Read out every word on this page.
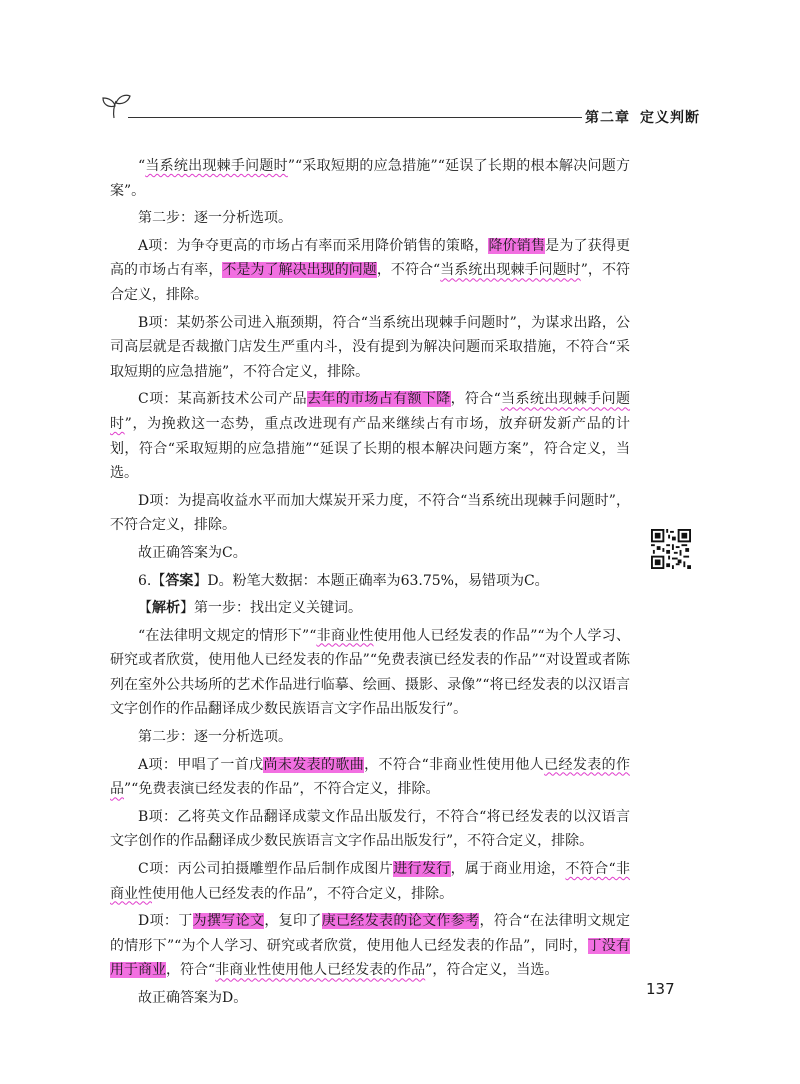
第二章 定义判断

“当系统出现棘手问题时”“采取短期的应急措施”“延误了长期的根本解决问题方案”。

第二步：逐一分析选项。

A项：为争夺更高的市场占有率而采用降价销售的策略，降价销售是为了获得更高的市场占有率，不是为了解决出现的问题，不符合“当系统出现棘手问题时”，不符合定义，排除。

B项：某奶茶公司进入瓶颈期，符合“当系统出现棘手问题时”，为谋求出路，公司高层就是否裁撤门店发生严重内斗，没有提到为解决问题而采取措施，不符合“采取短期的应急措施”，不符合定义，排除。

C项：某高新技术公司产品去年的市场占有额下降，符合“当系统出现棘手问题时”，为挽救这一态势，重点改进现有产品来继续占有市场，放弃研发新产品的计划，符合“采取短期的应急措施”“延误了长期的根本解决问题方案”，符合定义，当选。

D项：为提高收益水平而加大煤炭开采力度，不符合“当系统出现棘手问题时”，不符合定义，排除。

故正确答案为C。

6.【答案】D。粉笔大数据：本题正确率为63.75%，易错项为C。

【解析】第一步：找出定义关键词。

“在法律明文规定的情形下”“非商业性使用他人已经发表的作品”“为个人学习、研究或者欣赏，使用他人已经发表的作品”“免费表演已经发表的作品”“对设置或者陈列在室外公共场所的艺术作品进行临摹、绘画、摄影、录像”“将已经发表的以汉语言文字创作的作品翻译成少数民族语言文字作品出版发行”。

第二步：逐一分析选项。

A项：甲唱了一首戊尚未发表的歌曲，不符合“非商业性使用他人已经发表的作品”“免费表演已经发表的作品”，不符合定义，排除。

B项：乙将英文作品翻译成蒙文作品出版发行，不符合“将已经发表的以汉语言文字创作的作品翻译成少数民族语言文字作品出版发行”，不符合定义，排除。

C项：丙公司拍摄雕塑作品后制作成图片进行发行，属于商业用途，不符合“非商业性使用他人已经发表的作品”，不符合定义，排除。

D项：丁为撰写论文，复印了庚已经发表的论文作参考，符合“在法律明文规定的情形下”“为个人学习、研究或者欣赏，使用他人已经发表的作品”，同时，丁没有用于商业，符合“非商业性使用他人已经发表的作品”，符合定义，当选。

故正确答案为D。	137
